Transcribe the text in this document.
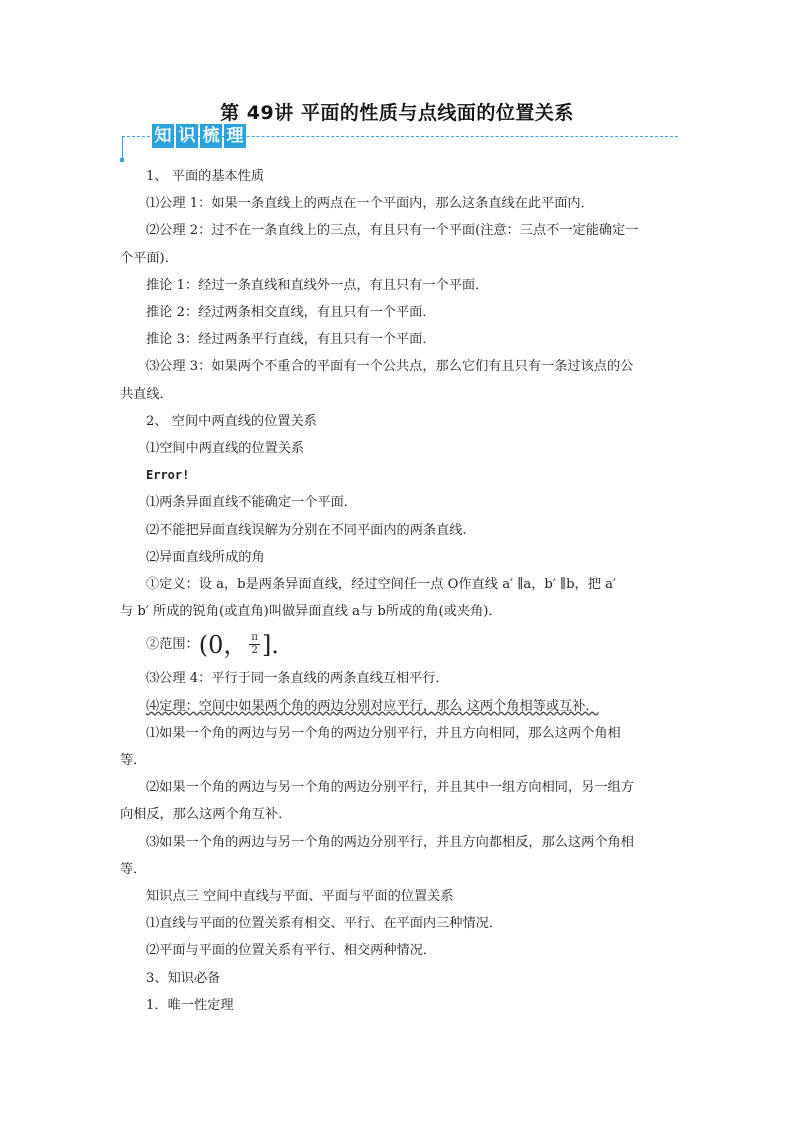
第 49讲 平面的性质与点线面的位置关系
知 识 梳 理
1、 平面的基本性质
⑴公理 1：如果一条直线上的两点在一个平面内，那么这条直线在此平面内．
⑵公理 2：过不在一条直线上的三点，有且只有一个平面(注意：三点不一定能确定一
个平面)．
推论 1：经过一条直线和直线外一点，有且只有一个平面．
推论 2：经过两条相交直线，有且只有一个平面．
推论 3：经过两条平行直线，有且只有一个平面．
⑶公理 3：如果两个不重合的平面有一个公共点，那么它们有且只有一条过该点的公
共直线．
2、 空间中两直线的位置关系
⑴空间中两直线的位置关系
Error!
⑴两条异面直线不能确定一个平面．
⑵不能把异面直线误解为分别在不同平面内的两条直线.
⑵异面直线所成的角
①定义：设 a，b是两条异面直线，经过空间任一点 O作直线 a′ ∥a，b′ ∥b，把 a′
与 b′ 所成的锐角(或直角)叫做异面直线 a与 b所成的角(或夹角)．
②范围： (0， $\frac{\pi}{2}$ ]．
⑶公理 4：平行于同一条直线的两条直线互相平行．
⑷定理：空间中如果两个角的两边分别对应平行，那么 这两个角相等或互补．
⑴如果一个角的两边与另一个角的两边分别平行，并且方向相同，那么这两个角相
等．
⑵如果一个角的两边与另一个角的两边分别平行，并且其中一组方向相同，另一组方
向相反，那么这两个角互补．
⑶如果一个角的两边与另一个角的两边分别平行，并且方向都相反，那么这两个角相
等．
知识点三 空间中直线与平面、平面与平面的位置关系
⑴直线与平面的位置关系有相交、平行、在平面内三种情况．
⑵平面与平面的位置关系有平行、相交两种情况．
3、知识必备
1．唯一性定理
